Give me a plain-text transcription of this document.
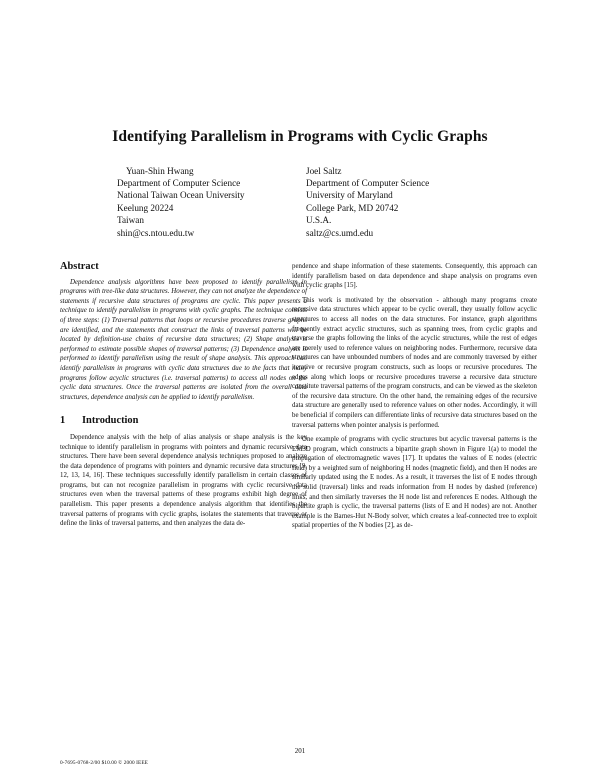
Identifying Parallelism in Programs with Cyclic Graphs
Yuan-Shin Hwang
Department of Computer Science
National Taiwan Ocean University
Keelung 20224
Taiwan
shin@cs.ntou.edu.tw
Joel Saltz
Department of Computer Science
University of Maryland
College Park, MD 20742
U.S.A.
saltz@cs.umd.edu
Abstract

Dependence analysis algorithms have been proposed to identify parallelism in programs with tree-like data structures. However, they can not analyze the dependence of statements if recursive data structures of programs are cyclic. This paper presents a technique to identify parallelism in programs with cyclic graphs. The technique consists of three steps: (1) Traversal patterns that loops or recursive procedures traverse graphs are identified, and the statements that construct the links of traversal patterns will be located by definition-use chains of recursive data structures; (2) Shape analysis is performed to estimate possible shapes of traversal patterns; (3) Dependence analysis is performed to identify parallelism using the result of shape analysis. This approach can identify parallelism in programs with cyclic data structures due to the facts that many programs follow acyclic structures (i.e. traversal patterns) to access all nodes on the cyclic data structures. Once the traversal patterns are isolated from the overall data structures, dependence analysis can be applied to identify parallelism.

1 Introduction

Dependence analysis with the help of alias analysis or shape analysis is the key technique to identify parallelism in programs with pointers and dynamic recursive data structures. There have been several dependence analysis techniques proposed to analyze the data dependence of programs with pointers and dynamic recursive data structures [9, 12, 13, 14, 16]. These techniques successfully identify parallelism in certain classes of programs, but can not recognize parallelism in programs with cyclic recursive data structures even when the traversal patterns of these programs exhibit high degree of parallelism. This paper presents a dependence analysis algorithm that identifies the traversal patterns of programs with cyclic graphs, isolates the statements that traverse or define the links of traversal patterns, and then analyzes the data de-

pendence and shape information of these statements. Consequently, this approach can identify parallelism based on data dependence and shape analysis on programs even with cyclic graphs [15].

This work is motivated by the observation - although many programs create recursive data structures which appear to be cyclic overall, they usually follow acyclic structures to access all nodes on the data structures. For instance, graph algorithms frequently extract acyclic structures, such as spanning trees, from cyclic graphs and traverse the graphs following the links of the acyclic structures, while the rest of edges are merely used to reference values on neighboring nodes. Furthermore, recursive data structures can have unbounded numbers of nodes and are commonly traversed by either iterative or recursive program constructs, such as loops or recursive procedures. The edges along which loops or recursive procedures traverse a recursive data structure constitute traversal patterns of the program constructs, and can be viewed as the skeleton of the recursive data structure. On the other hand, the remaining edges of the recursive data structure are generally used to reference values on other nodes. Accordingly, it will be beneficial if compilers can differentiate links of recursive data structures based on the traversal patterns when pointer analysis is performed.

One example of programs with cyclic structures but acyclic traversal patterns is the EM3D program, which constructs a bipartite graph shown in Figure 1(a) to model the propagation of electromagnetic waves [17]. It updates the values of E nodes (electric field) by a weighted sum of neighboring H nodes (magnetic field), and then H nodes are similarly updated using the E nodes. As a result, it traverses the list of E nodes through the solid (traversal) links and reads information from H nodes by dashed (reference) links, and then similarly traverses the H node list and references E nodes. Although the bipartite graph is cyclic, the traversal patterns (lists of E and H nodes) are not. Another example is the Barnes-Hut N-Body solver, which creates a leaf-connected tree to exploit spatial properties of the N bodies [2], as de-

201
0-7695-0768-2/00 $10.00 © 2000 IEEE
